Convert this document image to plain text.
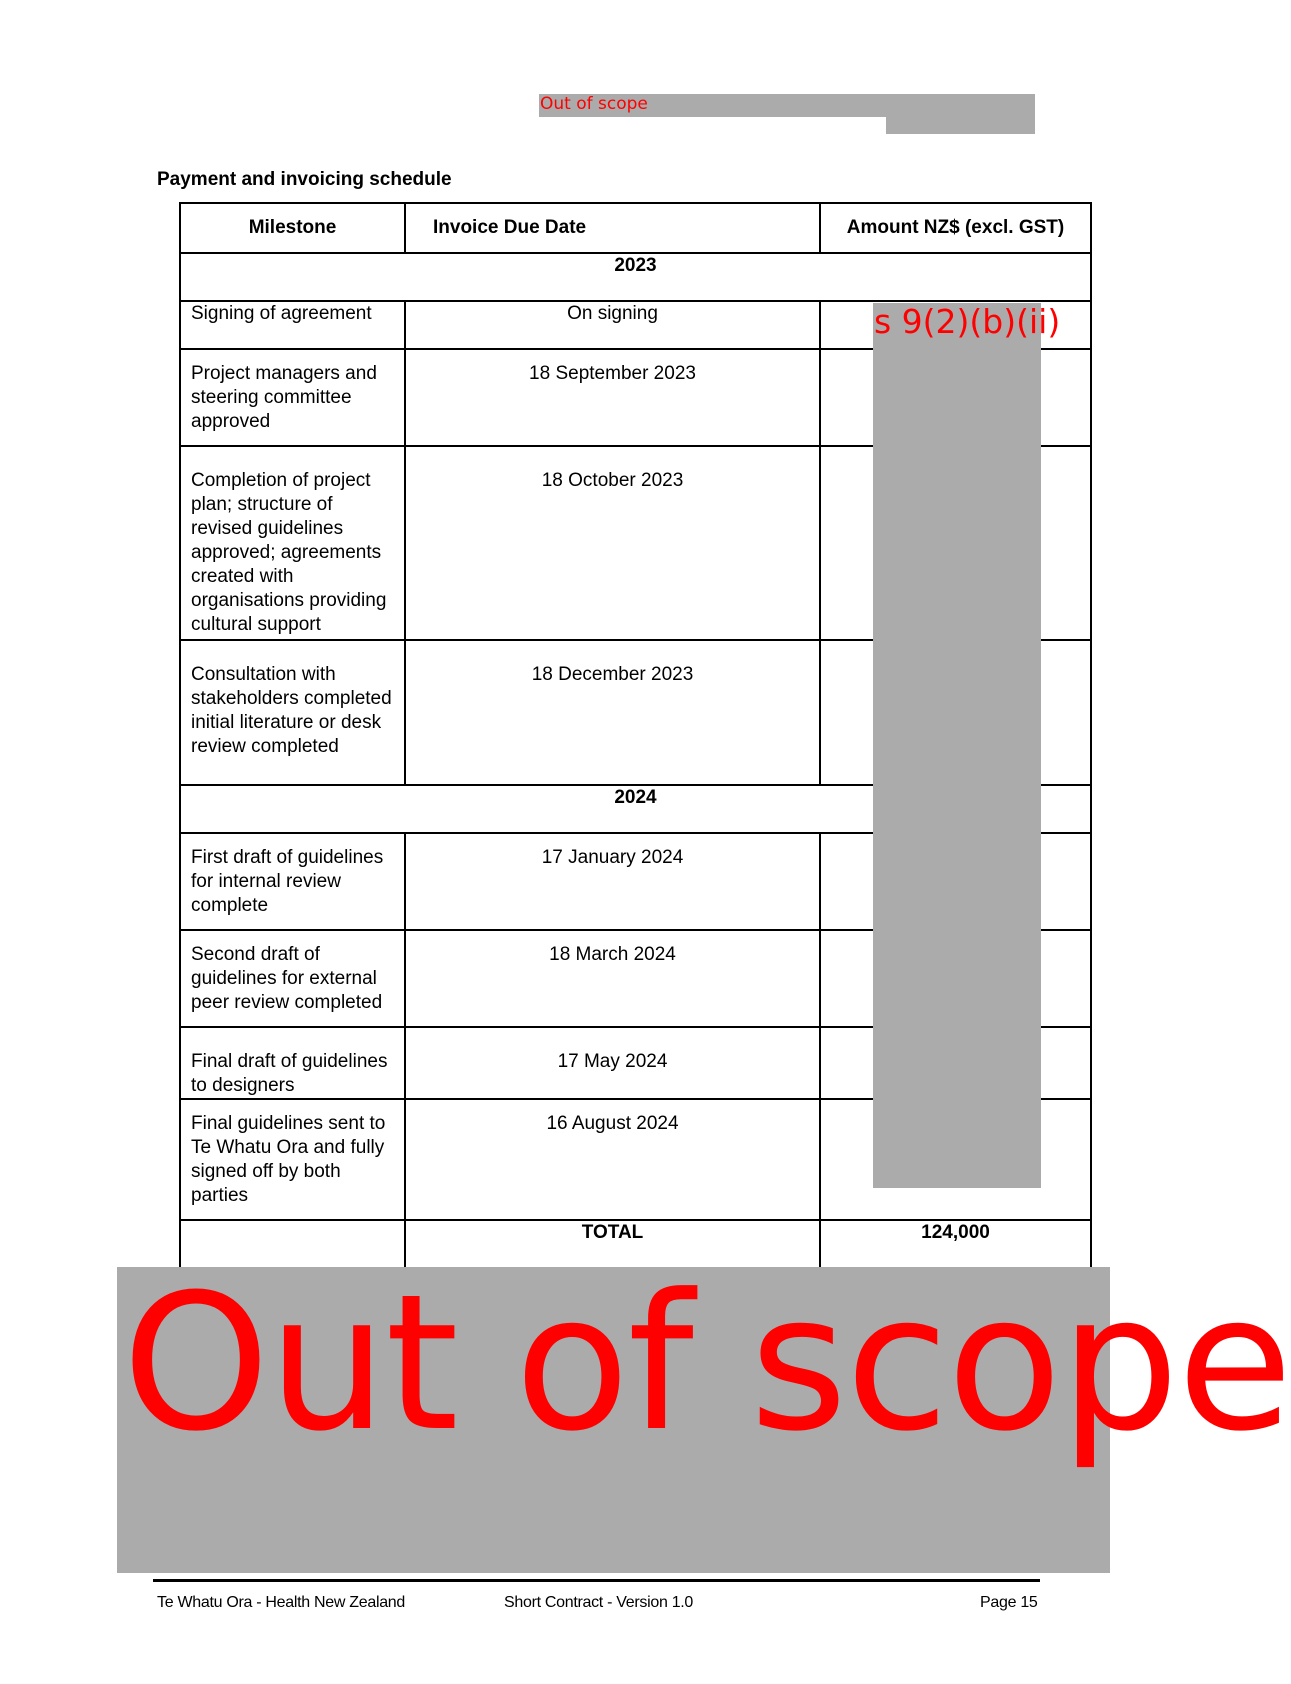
Out of scope
Payment and invoicing schedule
Milestone	Invoice Due Date	Amount NZ$ (excl. GST)
2023		
Signing of agreement	On signing	
Project managers and steering committee approved	18 September 2023	
Completion of project plan; structure of revised guidelines approved; agreements created with organisations providing cultural support	18 October 2023	
Consultation with stakeholders completed initial literature or desk review completed	18 December 2023	
2024		
First draft of guidelines for internal review complete	17 January 2024	
Second draft of guidelines for external peer review completed	18 March 2024	
Final draft of guidelines to designers	17 May 2024	
Final guidelines sent to Te Whatu Ora and fully signed off by both parties	16 August 2024	
	TOTAL	124,000
s 9(2)(b)(ii)
Out of scope
Te Whatu Ora - Health New Zealand	Short Contract - Version 1.0	Page 15
